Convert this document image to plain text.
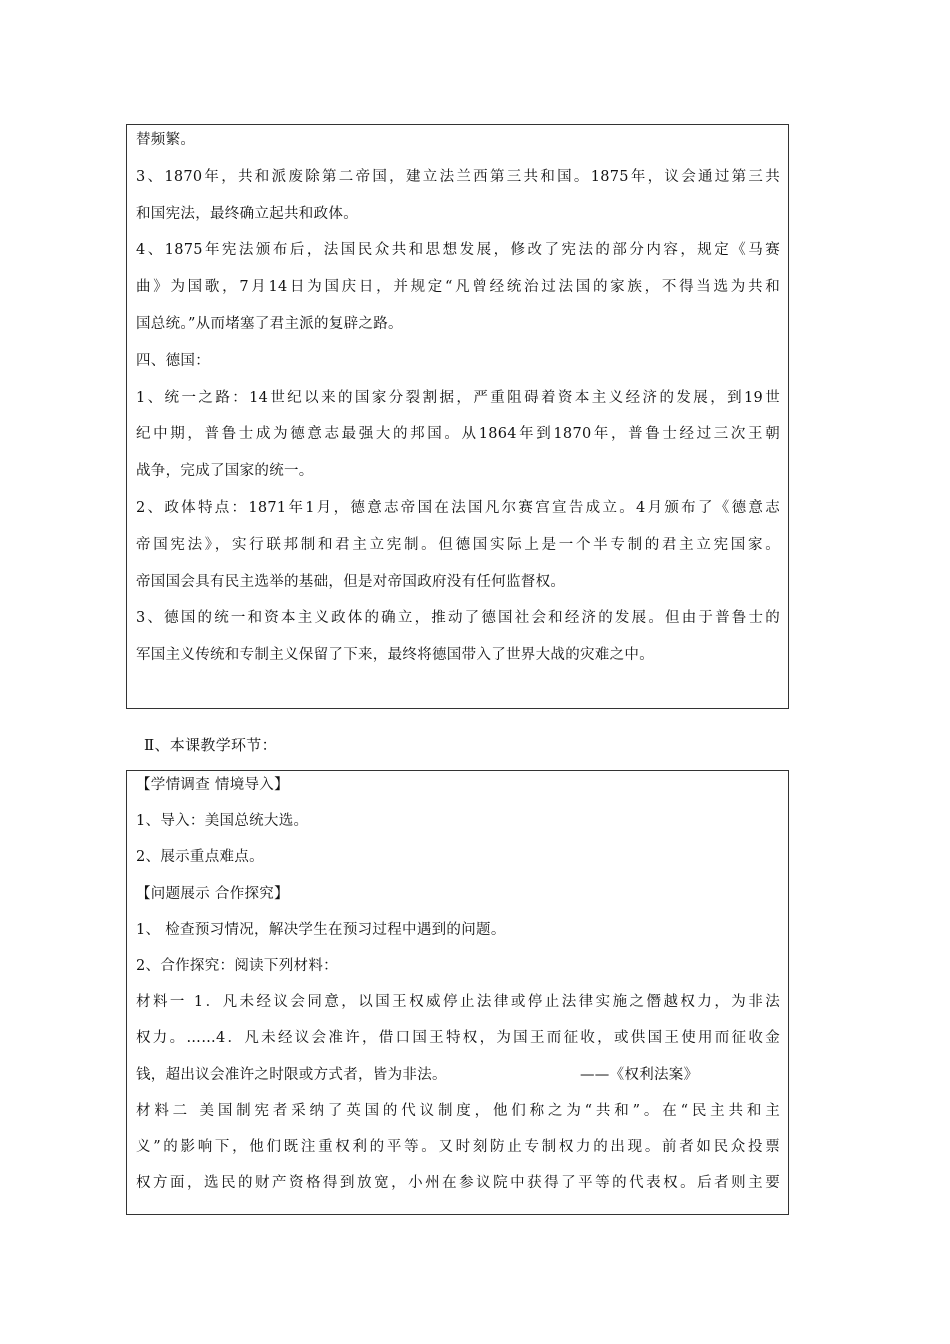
替频繁。
3、1870年，共和派废除第二帝国，建立法兰西第三共和国。1875年，议会通过第三共
和国宪法，最终确立起共和政体。
4、1875年宪法颁布后，法国民众共和思想发展，修改了宪法的部分内容，规定《马赛
曲》为国歌，7月14日为国庆日，并规定“凡曾经统治过法国的家族，不得当选为共和
国总统。”从而堵塞了君主派的复辟之路。
四、德国：
1、统一之路：14世纪以来的国家分裂割据，严重阻碍着资本主义经济的发展，到19世
纪中期，普鲁士成为德意志最强大的邦国。从1864年到1870年，普鲁士经过三次王朝
战争，完成了国家的统一。
2、政体特点：1871年1月，德意志帝国在法国凡尔赛宫宣告成立。4月颁布了《德意志
帝国宪法》，实行联邦制和君主立宪制。但德国实际上是一个半专制的君主立宪国家。
帝国国会具有民主选举的基础，但是对帝国政府没有任何监督权。
3、德国的统一和资本主义政体的确立，推动了德国社会和经济的发展。但由于普鲁士的
军国主义传统和专制主义保留了下来，最终将德国带入了世界大战的灾难之中。
Ⅱ、本课教学环节：
【学情调查 情境导入】
1、导入：美国总统大选。
2、展示重点难点。
【问题展示 合作探究】
1、 检查预习情况，解决学生在预习过程中遇到的问题。
2、合作探究：阅读下列材料：
材料一 1．凡未经议会同意，以国王权威停止法律或停止法律实施之僭越权力，为非法
权力。……4．凡未经议会准许，借口国王特权，为国王而征收，或供国王使用而征收金
钱，超出议会准许之时限或方式者，皆为非法。	——《权利法案》
材料二 美国制宪者采纳了英国的代议制度，他们称之为“共和”。在“民主共和主
义”的影响下，他们既注重权利的平等。又时刻防止专制权力的出现。前者如民众投票
权方面，选民的财产资格得到放宽，小州在参议院中获得了平等的代表权。后者则主要
